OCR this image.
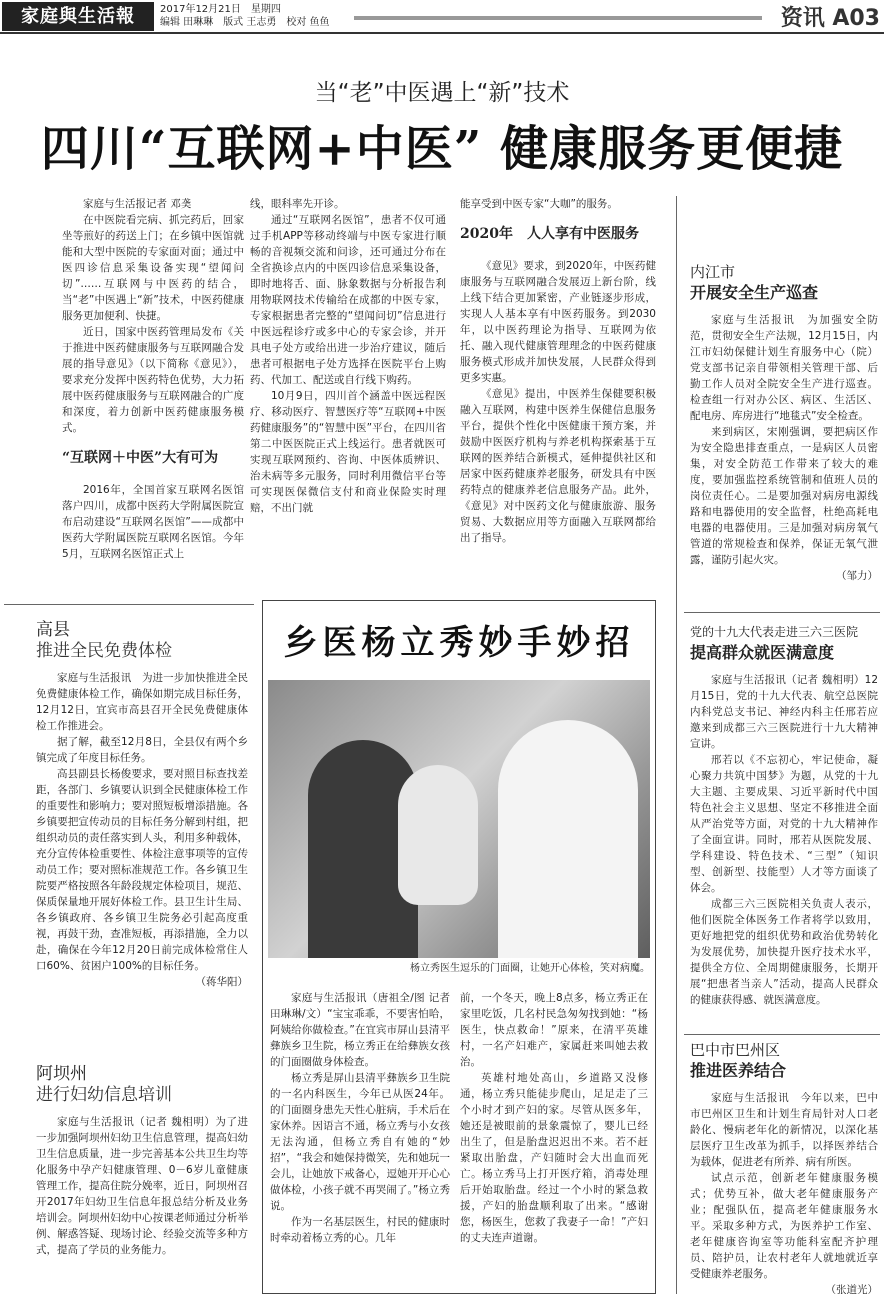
家庭與生活報	2017年12月21日　星期四
编辑 田琳琳　版式 王志勇　校对 鱼鱼	资讯 A03
当“老”中医遇上“新”技术
四川“互联网+中医” 健康服务更便捷

家庭与生活报记者 邓䶮

在中医院看完病、抓完药后，回家坐等煎好的药送上门；在乡镇中医馆就能和大型中医院的专家面对面；通过中医四诊信息采集设备实现“望闻问切”……互联网与中医药的结合，当“老”中医遇上“新”技术，中医药健康服务更加便利、快捷。

近日，国家中医药管理局发布《关于推进中医药健康服务与互联网融合发展的指导意见》（以下简称《意见》），要求充分发挥中医药特色优势，大力拓展中医药健康服务与互联网融合的广度和深度，着力创新中医药健康服务模式。

“互联网＋中医”大有可为

2016年，全国首家互联网名医馆落户四川，成都中医药大学附属医院宣布启动建设“互联网名医馆”——成都中医药大学附属医院互联网名医馆。今年5月，互联网名医馆正式上

线，眼科率先开诊。

通过“互联网名医馆”，患者不仅可通过手机APP等移动终端与中医专家进行顺畅的音视频交流和问诊，还可通过分布在全省换诊点内的中医四诊信息采集设备，即时地将舌、面、脉象数据与分析报告利用物联网技术传输给在成都的中医专家，专家根据患者完整的“望闻问切”信息进行中医远程诊疗或多中心的专家会诊，并开具电子处方或给出进一步治疗建议，随后患者可根据电子处方选择在医院平台上购药、代加工、配送或自行线下购药。

10月9日，四川首个涵盖中医远程医疗、移动医疗、智慧医疗等“互联网+中医药健康服务”的“智慧中医”平台，在四川省第二中医医院正式上线运行。患者就医可实现互联网预约、咨询、中医体质辨识、治未病等多元服务，同时利用微信平台等可实现医保微信支付和商业保险实时理赔，不出门就

能享受到中医专家“大咖”的服务。

2020年　人人享有中医服务

《意见》要求，到2020年，中医药健康服务与互联网融合发展迈上新台阶，线上线下结合更加紧密，产业链逐步形成，实现人人基本享有中医药服务。到2030年，以中医药理论为指导、互联网为依托、融入现代健康管理理念的中医药健康服务模式形成并加快发展，人民群众得到更多实惠。

《意见》提出，中医养生保健要积极融入互联网，构建中医养生保健信息服务平台，提供个性化中医健康干预方案，并鼓励中医医疗机构与养老机构探索基于互联网的医养结合新模式，延伸提供社区和居家中医药健康养老服务，研发具有中医药特点的健康养老信息服务产品。此外，《意见》对中医药文化与健康旅游、服务贸易、大数据应用等方面融入互联网都给出了指导。

内江市
开展安全生产巡查

家庭与生活报讯　为加强安全防范，贯彻安全生产法规，12月15日，内江市妇幼保健计划生育服务中心（院）党支部书记亲自带领相关管理干部、后勤工作人员对全院安全生产进行巡查。检查组一行对办公区、病区、生活区、配电房、库房进行“地毯式”安全检查。

来到病区，宋刚强调，要把病区作为安全隐患排查重点，一是病区人员密集，对安全防范工作带来了较大的难度，要加强监控系统管制和值班人员的岗位责任心。二是要加强对病房电源线路和电器使用的安全监督，杜绝高耗电电器的电器使用。三是加强对病房氧气管道的常规检查和保养，保证无氧气泄露，谨防引起火灾。

（邹力）

党的十九大代表走进三六三医院
提高群众就医满意度

家庭与生活报讯（记者 魏相明）12月15日，党的十九大代表、航空总医院内科党总支书记、神经内科主任邢若应邀来到成都三六三医院进行十九大精神宣讲。

邢若以《不忘初心，牢记使命，凝心聚力共筑中国梦》为题，从党的十九大主题、主要成果、习近平新时代中国特色社会主义思想、坚定不移推进全面从严治党等方面，对党的十九大精神作了全面宣讲。同时，邢若从医院发展、学科建设、特色技术、“三型”（知识型、创新型、技能型）人才等方面谈了体会。

成都三六三医院相关负责人表示，他们医院全体医务工作者将学以致用，更好地把党的组织优势和政治优势转化为发展优势，加快提升医疗技术水平，提供全方位、全周期健康服务，长期开展“把患者当亲人”活动，提高人民群众的健康获得感、就医满意度。

巴中市巴州区
推进医养结合

家庭与生活报讯　今年以来，巴中市巴州区卫生和计划生育局针对人口老龄化、慢病老年化的新情况，以深化基层医疗卫生改革为抓手，以择医养结合为载体，促进老有所养、病有所医。

试点示范，创新老年健康服务模式；优势互补，做大老年健康服务产业；配强队伍，提高老年健康服务水平。采取多种方式，为医养护工作室、老年健康咨询室等功能科室配齐护理员、陪护员，让农村老年人就地就近享受健康养老服务。

（张道光）

高县
推进全民免费体检

家庭与生活报讯　为进一步加快推进全民免费健康体检工作，确保如期完成目标任务，12月12日，宜宾市高县召开全民免费健康体检工作推进会。

据了解，截至12月8日，全县仅有两个乡镇完成了年度目标任务。

高县副县长杨俊要求，要对照目标查找差距，各部门、乡镇要认识到全民健康体检工作的重要性和影响力；要对照短板增添措施。各乡镇要把宣传动员的目标任务分解到村组，把组织动员的责任落实到人头，利用多种载体，充分宣传体检重要性、体检注意事项等的宣传动员工作；要对照标准规范工作。各乡镇卫生院要严格按照各年龄段规定体检项目，规范、保质保量地开展好体检工作。县卫生计生局、各乡镇政府、各乡镇卫生院务必引起高度重视，再鼓干劲，查准短板，再添措施，全力以赴，确保在今年12月20日前完成体检常住人口60%、贫困户100%的目标任务。

（蒋华阳）

阿坝州
进行妇幼信息培训

家庭与生活报讯（记者 魏相明）为了进一步加强阿坝州妇幼卫生信息管理，提高妇幼卫生信息质量，进一步完善基本公共卫生均等化服务中孕产妇健康管理、0－6岁儿童健康管理工作，提高住院分娩率，近日，阿坝州召开2017年妇幼卫生信息年报总结分析及业务培训会。阿坝州妇幼中心按课老师通过分析举例、解惑答疑、现场讨论、经验交流等多种方式，提高了学员的业务能力。

乡医杨立秀妙手妙招
杨立秀医生逗乐的门面圈，让她开心体检，笑对病魔。

家庭与生活报讯（唐祖全/图 记者 田琳琳/文）“宝宝乖乖，不要害怕哈，阿姨给你做检查。”在宜宾市屏山县清平彝族乡卫生院，杨立秀正在给彝族女孩的门面圈做身体检查。

杨立秀是屏山县清平彝族乡卫生院的一名内科医生，今年已从医24年。的门面圈身患先天性心脏病，手术后在家休养。因语言不通，杨立秀与小女孩无法沟通，但杨立秀自有她的“妙招”，“我会和她保持微笑，先和她玩一会儿，让她放下戒备心，逗她开开心心做体检，小孩子就不再哭闹了。”杨立秀说。

作为一名基层医生，村民的健康时时牵动着杨立秀的心。几年

前，一个冬天，晚上8点多，杨立秀正在家里吃饭，几名村民急匆匆找到她：“杨医生，快点救命！”原来，在清平英雄村，一名产妇难产，家属赶来叫她去救治。

英雄村地处高山，乡道路又没修通，杨立秀只能徒步爬山，足足走了三个小时才到产妇的家。尽管从医多年，她还是被眼前的景象震惊了，婴儿已经出生了，但是胎盘迟迟出不来。若不赶紧取出胎盘，产妇随时会大出血而死亡。杨立秀马上打开医疗箱，消毒处理后开始取胎盘。经过一个小时的紧急救援，产妇的胎盘顺利取了出来。“感谢您，杨医生，您救了我妻子一命！”产妇的丈夫连声道谢。
